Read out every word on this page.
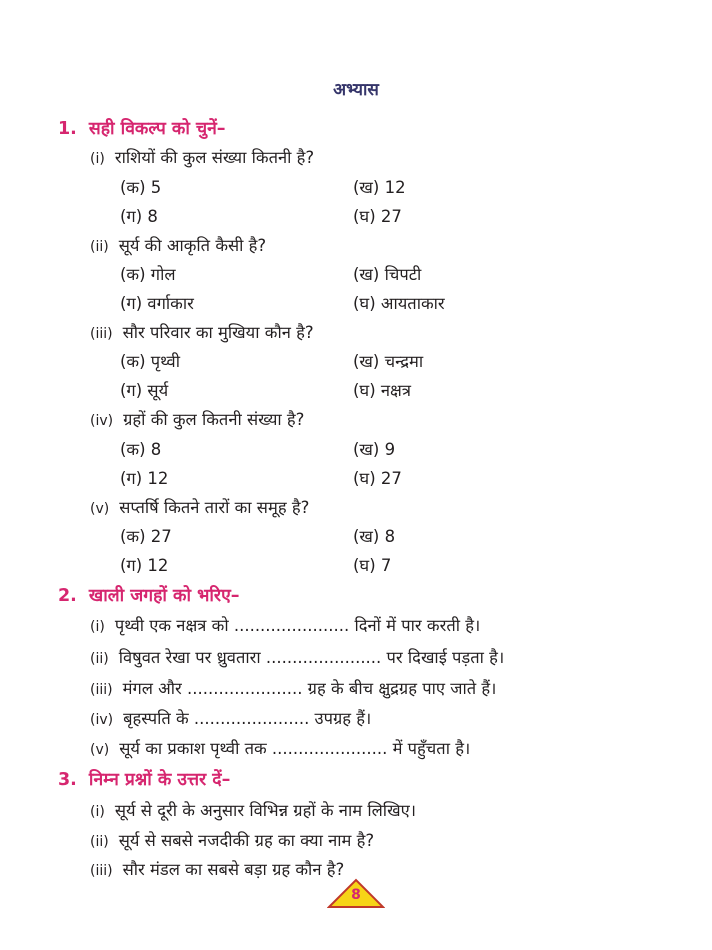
अभ्यास
1. सही विकल्प को चुनें–
(i) राशियों की कुल संख्या कितनी है?
(क) 5	(ख) 12
(ग) 8	(घ) 27
(ii) सूर्य की आकृति कैसी है?
(क) गोल	(ख) चिपटी
(ग) वर्गाकार	(घ) आयताकार
(iii) सौर परिवार का मुखिया कौन है?
(क) पृथ्वी	(ख) चन्द्रमा
(ग) सूर्य	(घ) नक्षत्र
(iv) ग्रहों की कुल कितनी संख्या है?
(क) 8	(ख) 9
(ग) 12	(घ) 27
(v) सप्तर्षि कितने तारों का समूह है?
(क) 27	(ख) 8
(ग) 12	(घ) 7
2. खाली जगहों को भरिए–
(i) पृथ्वी एक नक्षत्र को ...................... दिनों में पार करती है।
(ii) विषुवत रेखा पर ध्रुवतारा ...................... पर दिखाई पड़ता है।
(iii) मंगल और ...................... ग्रह के बीच क्षुद्रग्रह पाए जाते हैं।
(iv) बृहस्पति के ...................... उपग्रह हैं।
(v) सूर्य का प्रकाश पृथ्वी तक ...................... में पहुँचता है।
3. निम्न प्रश्नों के उत्तर दें–
(i) सूर्य से दूरी के अनुसार विभिन्न ग्रहों के नाम लिखिए।
(ii) सूर्य से सबसे नजदीकी ग्रह का क्या नाम है?
(iii) सौर मंडल का सबसे बड़ा ग्रह कौन है?
8
